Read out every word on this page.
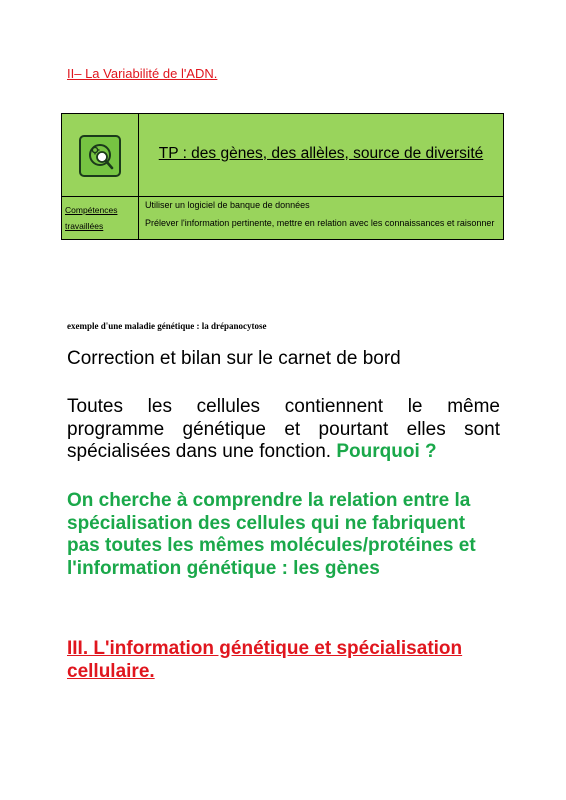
II– La Variabilité de l'ADN.
	TP : des gènes, des allèles, source de diversité
Compétences travaillées	Utiliser un logiciel de banque de données

Prélever l'information pertinente, mettre en relation avec les connaissances et raisonner

exemple d'une maladie génétique : la drépanocytose

Correction et bilan sur le carnet de bord

Toutes les cellules contiennent le même programme génétique et pourtant elles sont spécialisées dans une fonction. Pourquoi ?

On cherche à comprendre la relation entre la spécialisation des cellules qui ne fabriquent pas toutes les mêmes molécules/protéines et l'information génétique : les gènes

III. L'information génétique et spécialisation cellulaire.
